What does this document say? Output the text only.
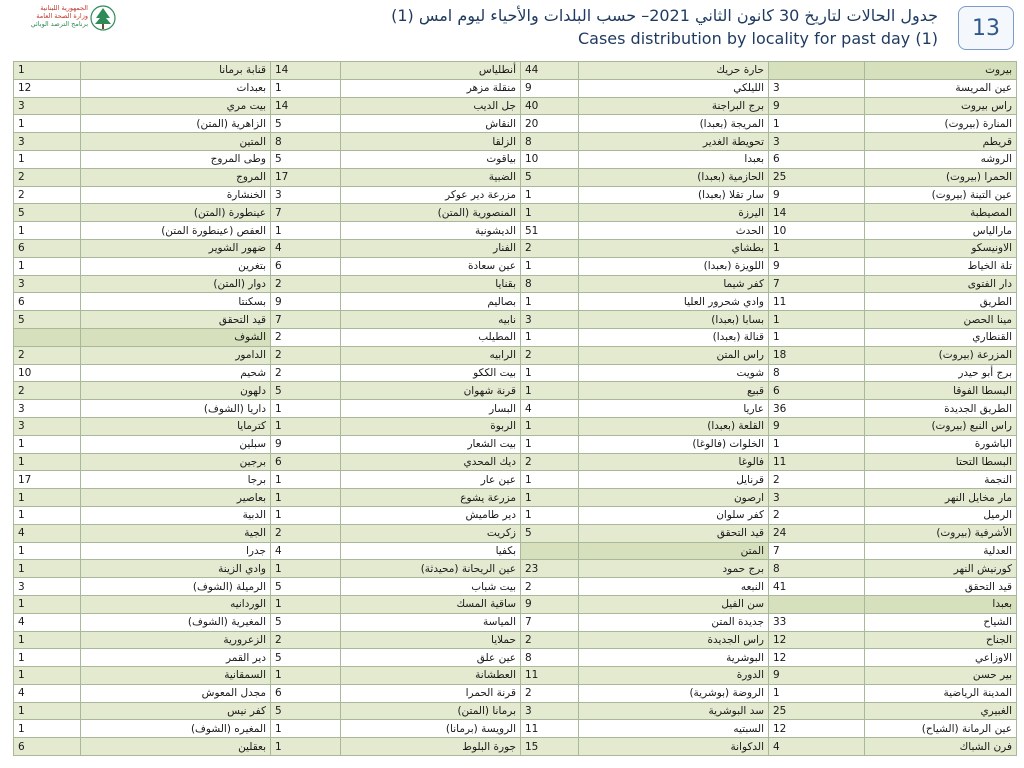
الجمهورية اللبنانية
وزارة الصحة العامة
برنامج الترصد الوبائي	جدول الحالات لتاريخ 30 كانون الثاني 2021– حسب البلدات والأحياء ليوم امس (1)
Cases distribution by locality for past day (1)	13
بيروت		حارة حريك	44	أنطلياس	14	قنابة برمانا	1
عين المريسة	3	الليلكي	9	منقلة مزهر	1	بعبدات	12
راس بيروت	9	برج البراجنة	40	جل الديب	14	بيت مري	3
المنارة (بيروت)	1	المريجة (بعبدا)	20	النقاش	5	الزاهرية (المتن)	1
قريطم	3	تحويطة الغدير	8	الزلقا	8	المتين	3
الروشه	6	بعبدا	10	بياقوت	5	وطى المروج	1
الحمرا (بيروت)	25	الحازمية (بعبدا)	5	الضبية	17	المروج	2
عين التينة (بيروت)	9	سار تقلا (بعبدا)	1	مزرعة دير عوكر	3	الخنشارة	2
المصيطبة	14	اليرزة	1	المنصورية (المتن)	7	عينطورة (المتن)	5
مارالياس	10	الحدث	51	الديشونية	1	العفص (عينطورة المتن)	1
الاونيسكو	1	بطشاي	2	الفنار	4	ضهور الشوير	6
تلة الخياط	9	اللويزة (بعبدا)	1	عين سعادة	6	بتغرين	1
دار الفتوى	7	كفر شيما	8	بقنايا	2	دوار (المتن)	3
الطريق	11	وادي شحرور العليا	1	بصاليم	9	بسكنتا	6
مينا الحصن	1	بسابا (بعبدا)	3	نابيه	7	قيد التحقق	5
القنطاري	1	قنالة (بعبدا)	1	المطيلب	2	الشوف	
المزرعة (بيروت)	18	راس المتن	2	الرابيه	2	الدامور	2
برج أبو حيدر	8	شويت	1	بيت الككو	2	شحيم	10
البسطا الفوقا	6	قبيع	1	قرنة شهوان	5	دلهون	2
الطريق الجديدة	36	عاريا	4	البسار	1	داريا (الشوف)	3
راس النبع (بيروت)	9	القلعة (بعبدا)	1	الربوة	1	كترمايا	3
الباشورة	1	الخلوات (فالوغا)	1	بيت الشعار	9	سبلين	1
البسطا التحتا	11	فالوغا	2	ديك المحدي	6	برجين	1
النجمة	2	قرنايل	1	عين عار	1	برجا	17
مار مخايل النهر	3	ارصون	1	مزرعة يشوع	1	بعاصير	1
الرميل	2	كفر سلوان	1	دير طاميش	1	الدبية	1
الأشرفية (بيروت)	24	قيد التحقق	5	زكريت	2	الجية	4
العدلية	7	المتن		بكفيا	4	جدرا	1
كورنيش النهر	8	برج حمود	23	عين الريحانة (محيدثة)	1	وادي الزينة	1
قيد التحقق	41	النبعه	2	بيت شباب	5	الرميلة (الشوف)	3
بعبدا		سن الفيل	9	ساقية المسك	1	الوردانيه	1
الشياح	33	جديدة المتن	7	المياسة	5	المغيرية (الشوف)	4
الجناح	12	راس الجديدة	2	حملايا	2	الزعرورية	1
الاوزاعي	12	البوشرية	8	عين علق	5	دير القمر	1
بير حسن	9	الدورة	11	العطشانة	1	السمقانية	1
المدينة الرياضية	1	الروضة (بوشرية)	2	قرنة الحمرا	6	مجدل المعوش	4
الغبيري	25	سد البوشرية	3	برمانا (المتن)	5	كفر نيس	1
عين الرمانة (الشياح)	12	السبتيه	11	الرويسة (برمانا)	1	المغيره (الشوف)	1
فرن الشباك	4	الدكوانة	15	جورة البلوط	1	بعقلين	6
